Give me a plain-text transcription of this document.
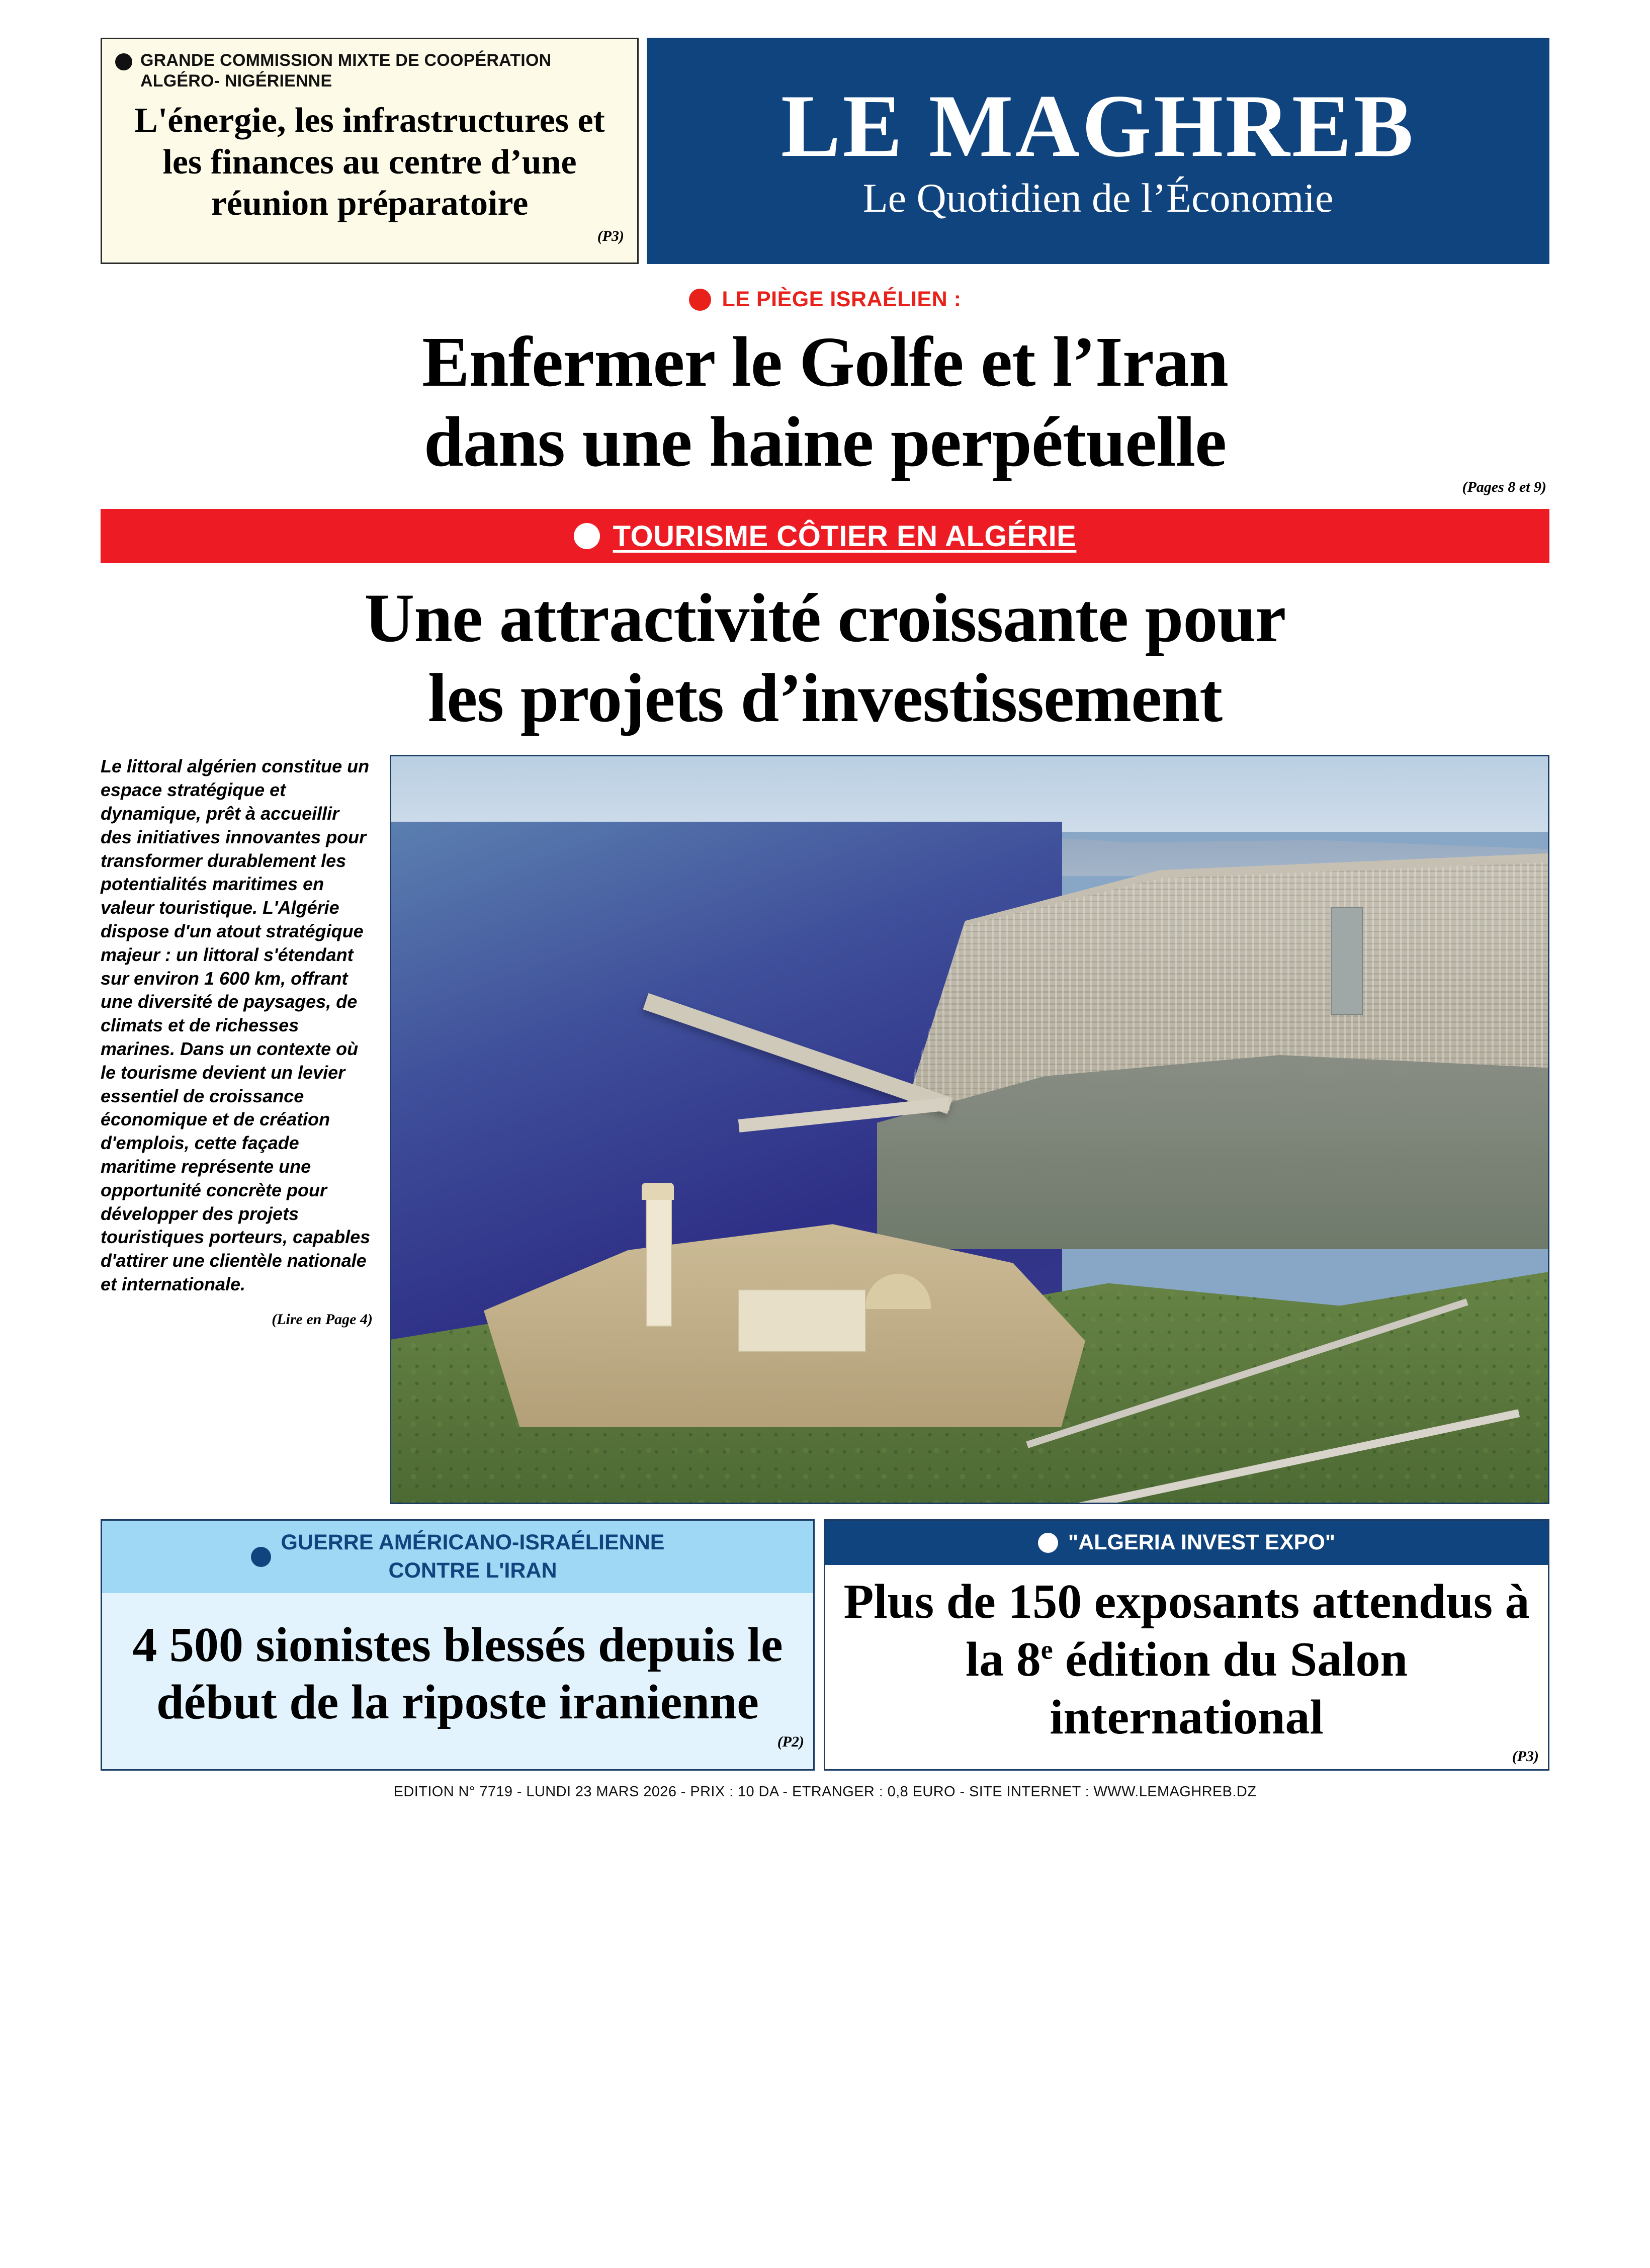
GRANDE COMMISSION MIXTE DE COOPÉRATION ALGÉRO- NIGÉRIENNE
L'énergie, les infrastructures et les finances au centre d’une réunion préparatoire
(P3)
LE MAGHREB
Le Quotidien de l’Économie
LE PIÈGE ISRAÉLIEN :
Enfermer le Golfe et l’Iran
dans une haine perpétuelle
(Pages 8 et 9)
TOURISME CÔTIER EN ALGÉRIE
Une attractivité croissante pour
les projets d’investissement
Le littoral algérien constitue un espace stratégique et dynamique, prêt à accueillir des initiatives innovantes pour transformer durablement les potentialités maritimes en valeur touristique. L'Algérie dispose d'un atout stratégique majeur : un littoral s'étendant sur environ 1 600 km, offrant une diversité de paysages, de climats et de richesses marines. Dans un contexte où le tourisme devient un levier essentiel de croissance économique et de création d'emplois, cette façade maritime représente une opportunité concrète pour développer des projets touristiques porteurs, capables d'attirer une clientèle nationale et internationale.
(Lire en Page 4)
GUERRE AMÉRICANO-ISRAÉLIENNE
CONTRE L'IRAN
4 500 sionistes blessés depuis le début de la riposte iranienne
(P2)
"ALGERIA INVEST EXPO"
Plus de 150 exposants attendus à la 8e édition du Salon international
(P3)
EDITION N° 7719 - LUNDI 23 MARS 2026 - PRIX : 10 DA - ETRANGER : 0,8 EURO - SITE INTERNET : WWW.LEMAGHREB.DZ
